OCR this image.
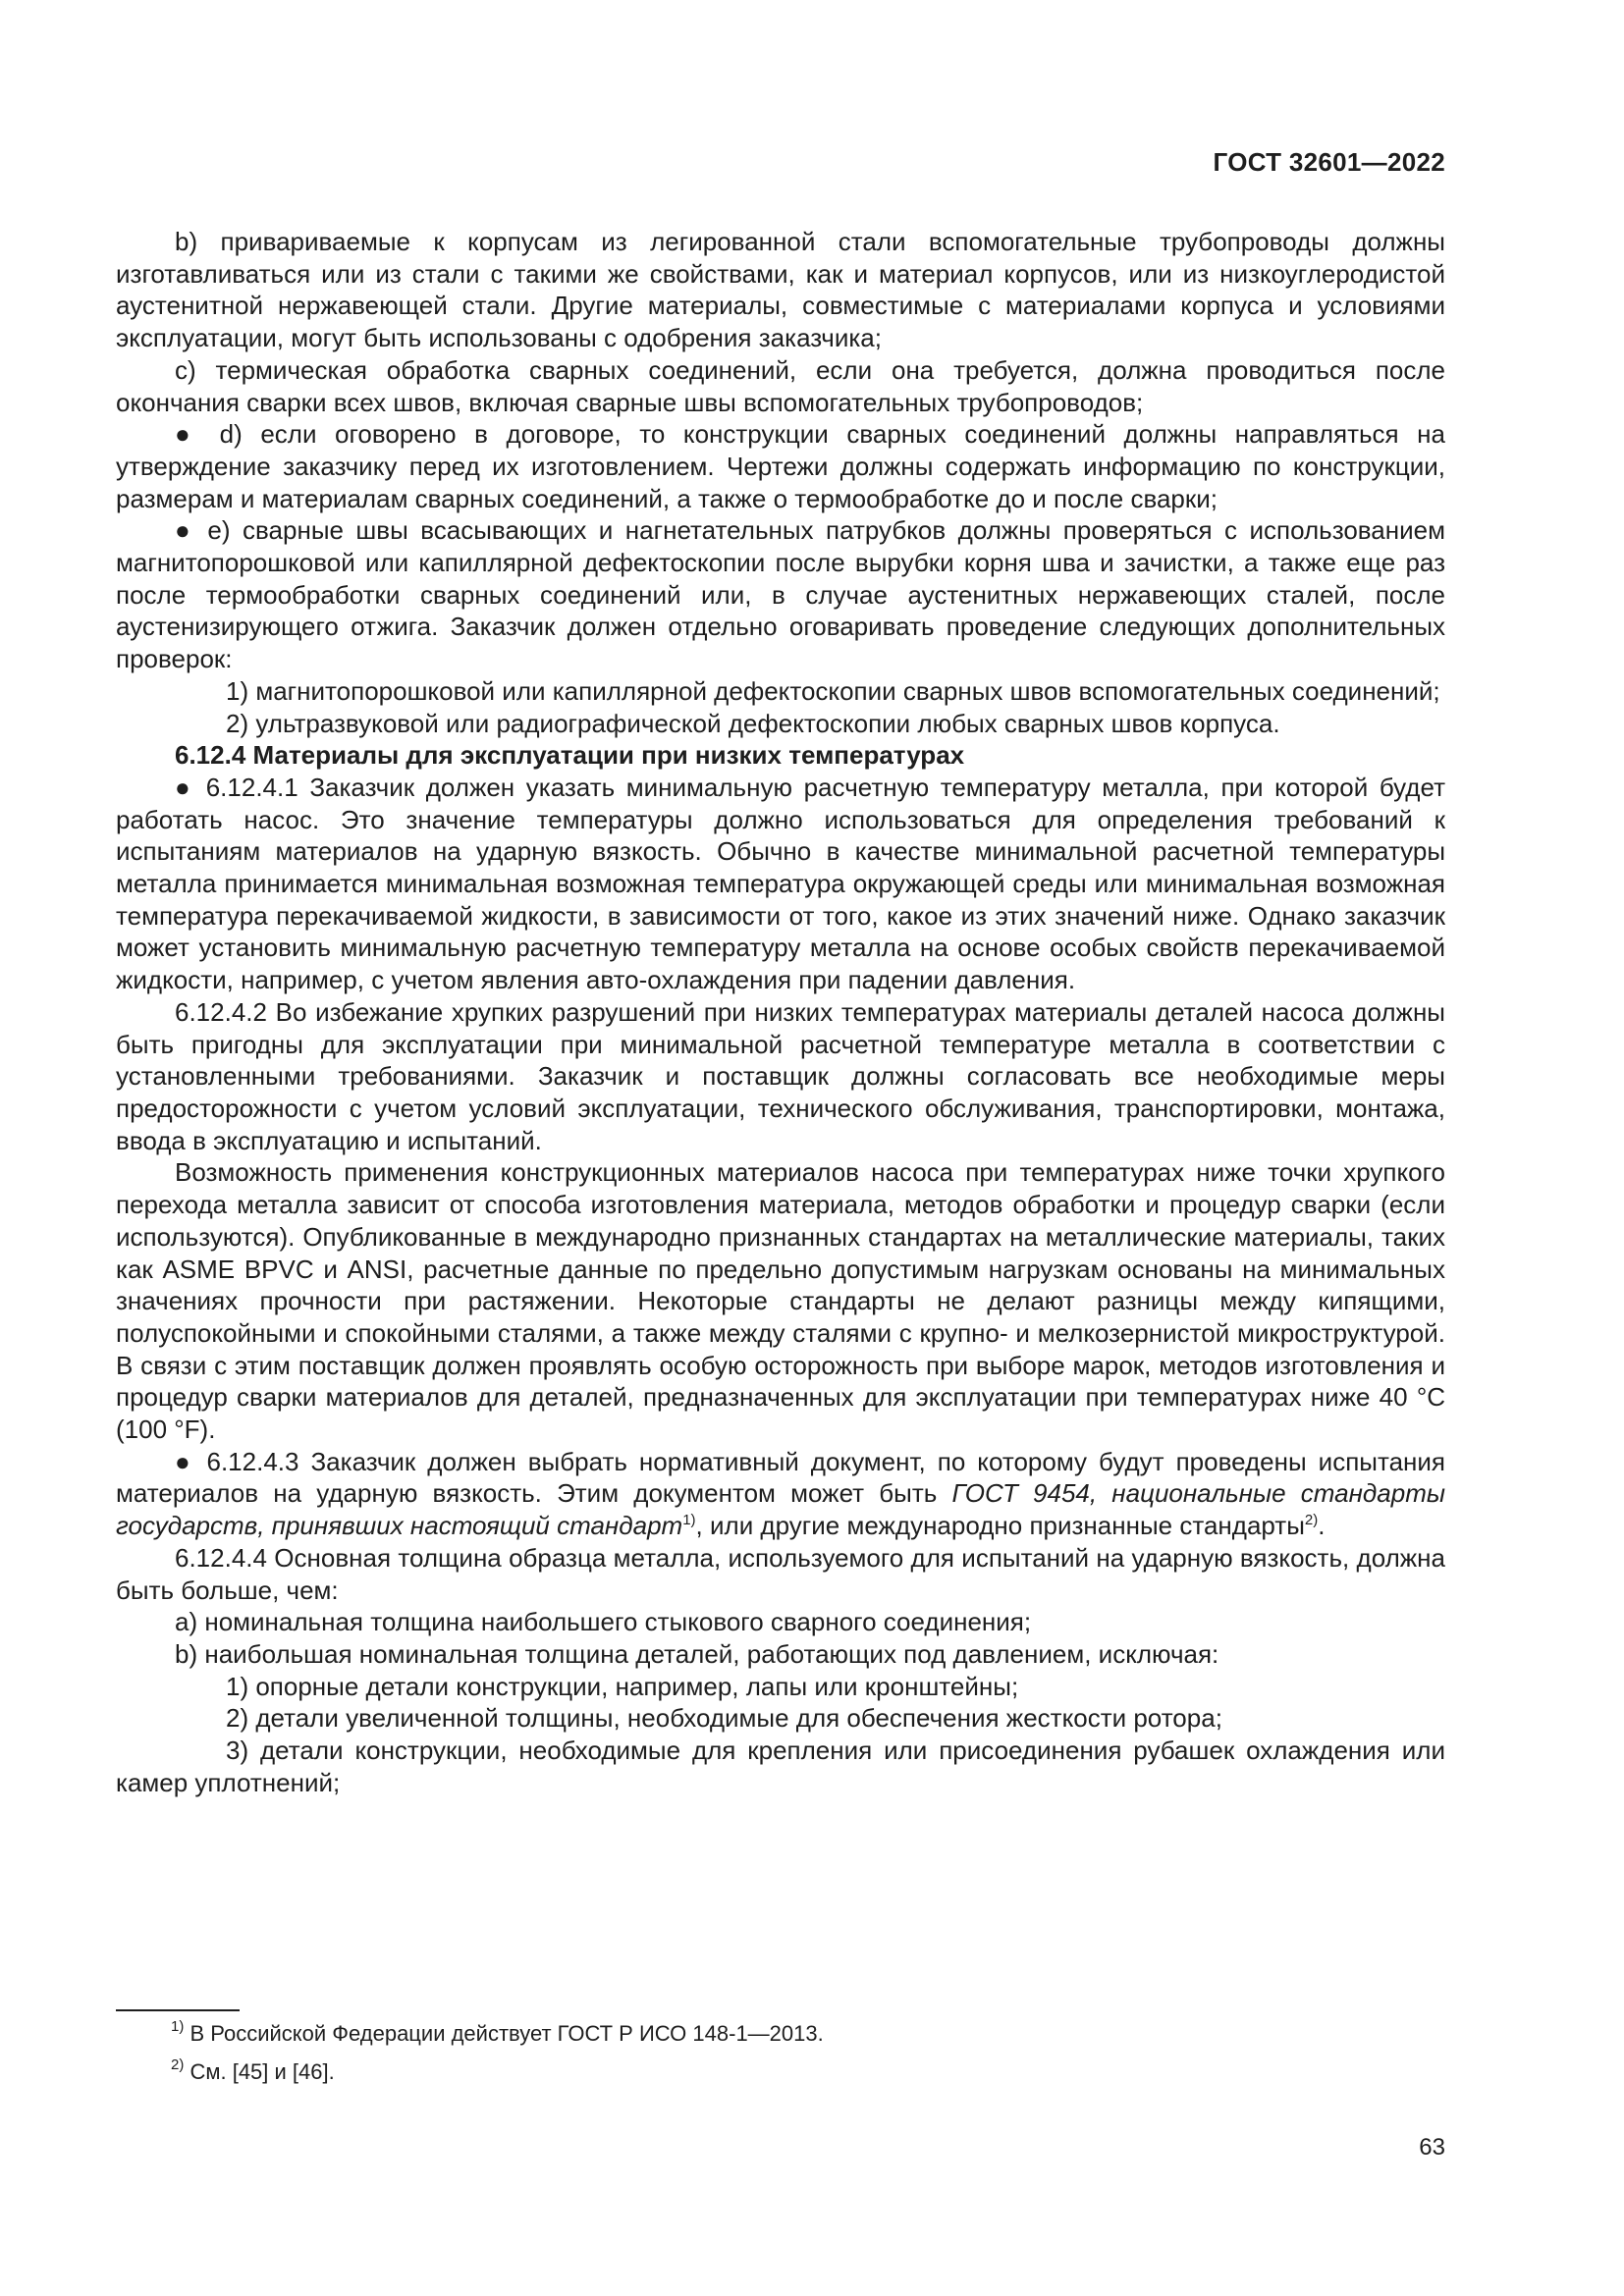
ГОСТ 32601—2022

b) привариваемые к корпусам из легированной стали вспомогательные трубопроводы должны изготавливаться или из стали с такими же свойствами, как и материал корпусов, или из низкоуглеродистой аустенитной нержавеющей стали. Другие материалы, совместимые с материалами корпуса и условиями эксплуатации, могут быть использованы с одобрения заказчика;

c) термическая обработка сварных соединений, если она требуется, должна проводиться после окончания сварки всех швов, включая сварные швы вспомогательных трубопроводов;

● d) если оговорено в договоре, то конструкции сварных соединений должны направляться на утверждение заказчику перед их изготовлением. Чертежи должны содержать информацию по конструкции, размерам и материалам сварных соединений, а также о термообработке до и после сварки;

● e) сварные швы всасывающих и нагнетательных патрубков должны проверяться с использованием магнитопорошковой или капиллярной дефектоскопии после вырубки корня шва и зачистки, а также еще раз после термообработки сварных соединений или, в случае аустенитных нержавеющих сталей, после аустенизирующего отжига. Заказчик должен отдельно оговаривать проведение следующих дополнительных проверок:

1) магнитопорошковой или капиллярной дефектоскопии сварных швов вспомогательных соединений;

2) ультразвуковой или радиографической дефектоскопии любых сварных швов корпуса.

6.12.4 Материалы для эксплуатации при низких температурах

● 6.12.4.1 Заказчик должен указать минимальную расчетную температуру металла, при которой будет работать насос. Это значение температуры должно использоваться для определения требований к испытаниям материалов на ударную вязкость. Обычно в качестве минимальной расчетной температуры металла принимается минимальная возможная температура окружающей среды или минимальная возможная температура перекачиваемой жидкости, в зависимости от того, какое из этих значений ниже. Однако заказчик может установить минимальную расчетную температуру металла на основе особых свойств перекачиваемой жидкости, например, с учетом явления авто-охлаждения при падении давления.

6.12.4.2 Во избежание хрупких разрушений при низких температурах материалы деталей насоса должны быть пригодны для эксплуатации при минимальной расчетной температуре металла в соответствии с установленными требованиями. Заказчик и поставщик должны согласовать все необходимые меры предосторожности с учетом условий эксплуатации, технического обслуживания, транспортировки, монтажа, ввода в эксплуатацию и испытаний.

Возможность применения конструкционных материалов насоса при температурах ниже точки хрупкого перехода металла зависит от способа изготовления материала, методов обработки и процедур сварки (если используются). Опубликованные в международно признанных стандартах на металлические материалы, таких как ASME BPVC и ANSI, расчетные данные по предельно допустимым нагрузкам основаны на минимальных значениях прочности при растяжении. Некоторые стандарты не делают разницы между кипящими, полуспокойными и спокойными сталями, а также между сталями с крупно- и мелкозернистой микроструктурой. В связи с этим поставщик должен проявлять особую осторожность при выборе марок, методов изготовления и процедур сварки материалов для деталей, предназначенных для эксплуатации при температурах ниже 40 °C (100 °F).

● 6.12.4.3 Заказчик должен выбрать нормативный документ, по которому будут проведены испытания материалов на ударную вязкость. Этим документом может быть ГОСТ 9454, национальные стандарты государств, принявших настоящий стандарт$^{1)}$, или другие международно признанные стандарты$^{2)}$.

6.12.4.4 Основная толщина образца металла, используемого для испытаний на ударную вязкость, должна быть больше, чем:

a) номинальная толщина наибольшего стыкового сварного соединения;

b) наибольшая номинальная толщина деталей, работающих под давлением, исключая:

1) опорные детали конструкции, например, лапы или кронштейны;

2) детали увеличенной толщины, необходимые для обеспечения жесткости ротора;

3) детали конструкции, необходимые для крепления или присоединения рубашек охлаждения или камер уплотнений;

$^{1)}$ В Российской Федерации действует ГОСТ Р ИСО 148-1—2013.
$^{2)}$ См. [45] и [46].
63
